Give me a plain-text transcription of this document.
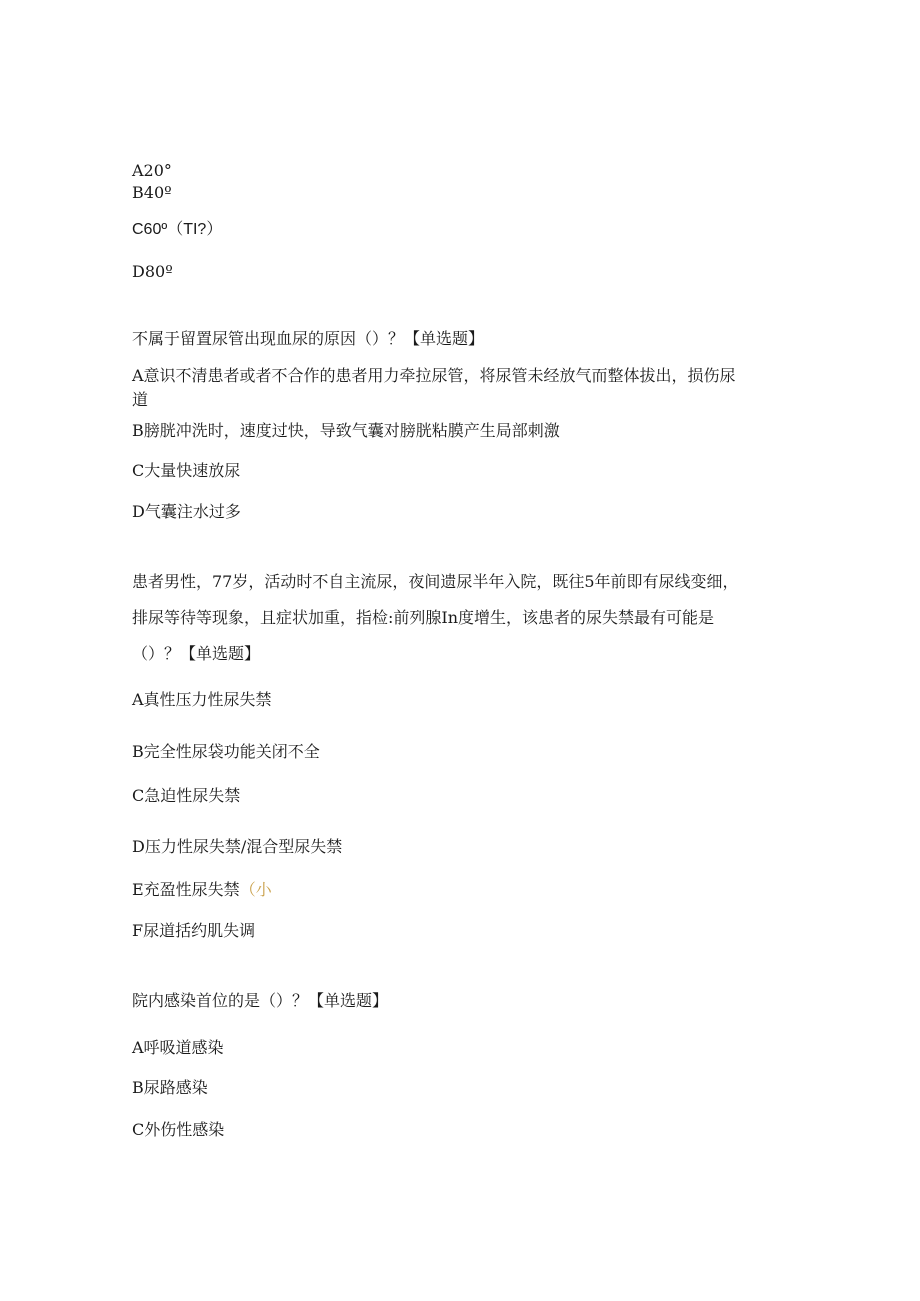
A20°
B40º
C60º（TI?）
D80º
不属于留置尿管出现血尿的原因（）？【单选题】
A意识不清患者或者不合作的患者用力牵拉尿管，将尿管未经放气而整体拔出，损伤尿
道
B膀胱冲洗时，速度过快，导致气囊对膀胱粘膜产生局部刺激
C大量快速放尿
D气囊注水过多
患者男性，77岁，活动时不自主流尿，夜间遗尿半年入院，既往5年前即有尿线变细，
排尿等待等现象，且症状加重，指检:前列腺In度增生，该患者的尿失禁最有可能是
（）？【单选题】
A真性压力性尿失禁
B完全性尿袋功能关闭不全
C急迫性尿失禁
D压力性尿失禁/混合型尿失禁
E充盈性尿失禁（小
F尿道括约肌失调
院内感染首位的是（）？【单选题】
A呼吸道感染
B尿路感染
C外伤性感染
